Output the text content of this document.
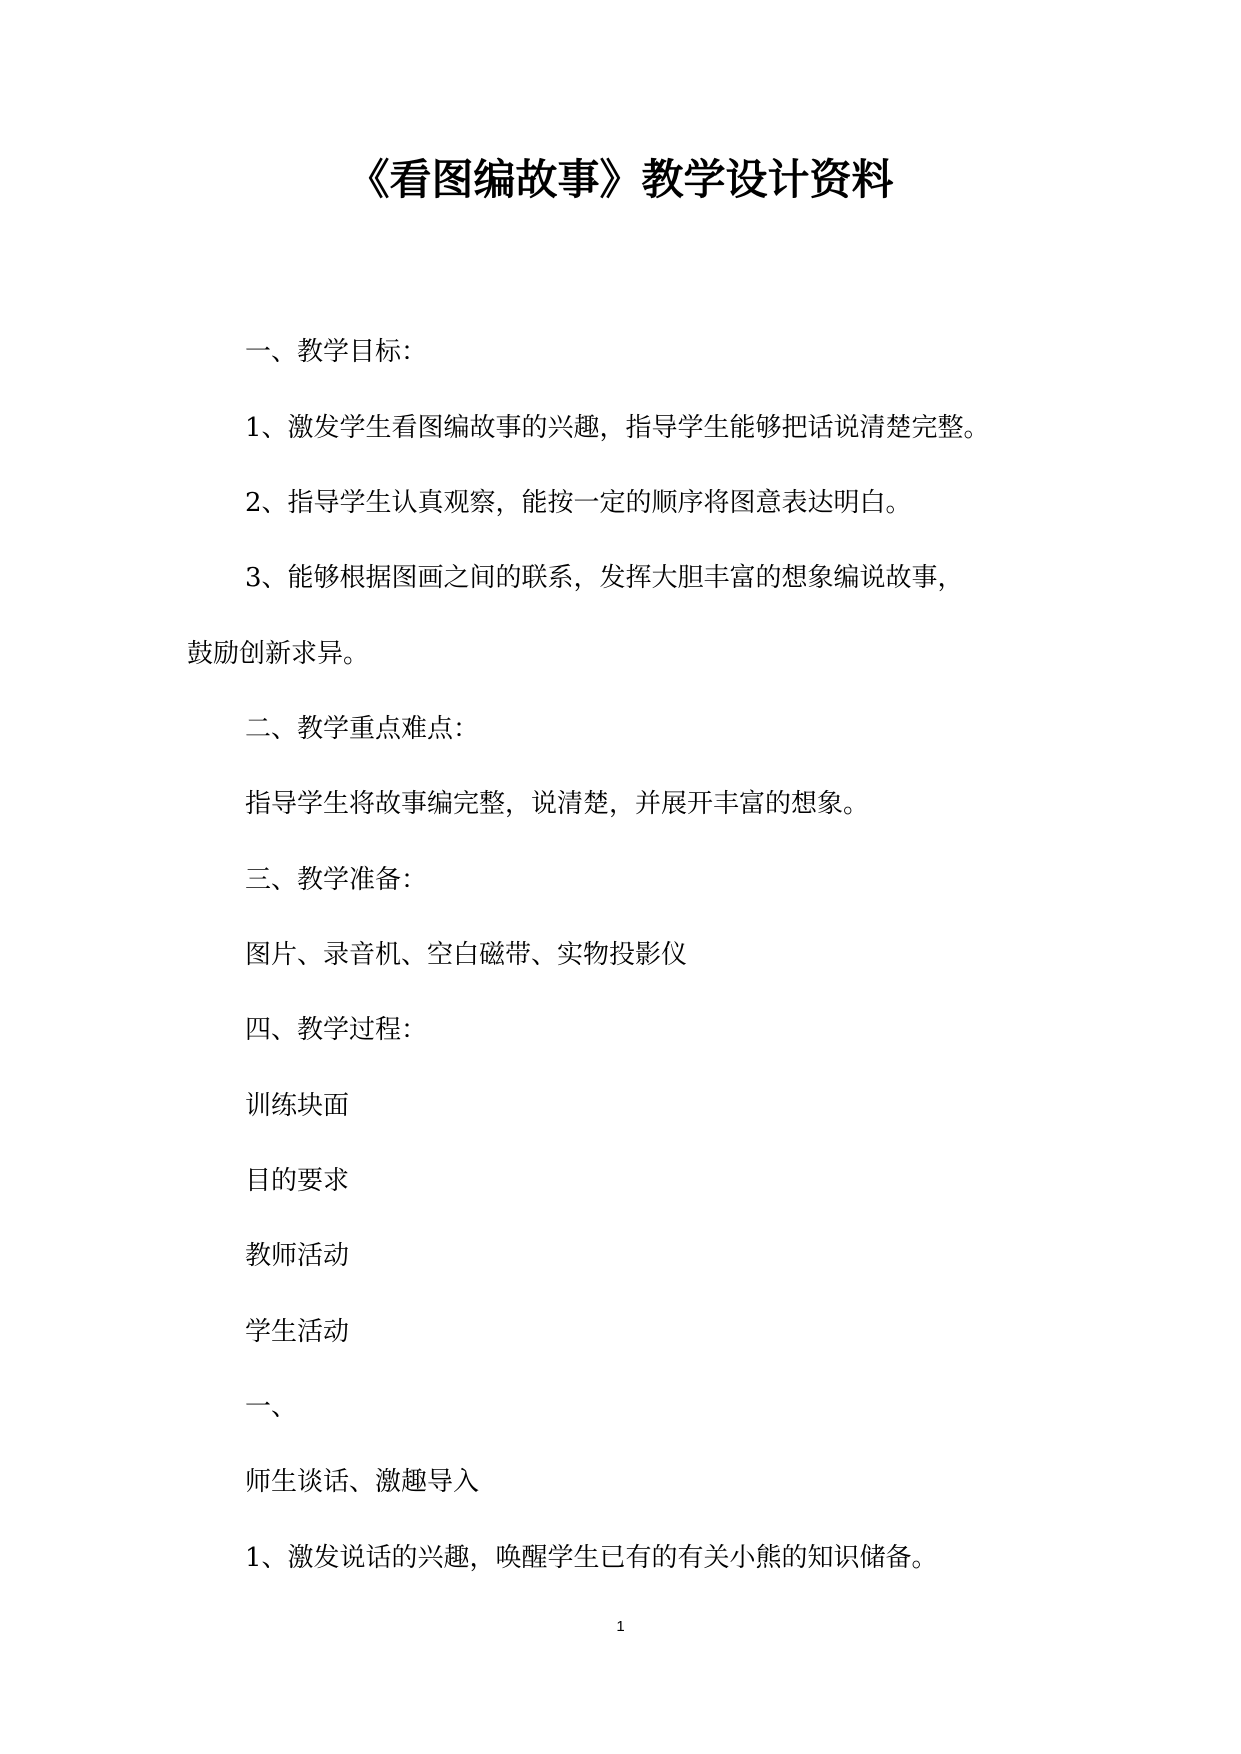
《看图编故事》教学设计资料
一、教学目标：
1、激发学生看图编故事的兴趣，指导学生能够把话说清楚完整。
2、指导学生认真观察，能按一定的顺序将图意表达明白。
3、能够根据图画之间的联系，发挥大胆丰富的想象编说故事，
鼓励创新求异。
二、教学重点难点：
指导学生将故事编完整，说清楚，并展开丰富的想象。
三、教学准备：
图片、录音机、空白磁带、实物投影仪
四、教学过程：
训练块面
目的要求
教师活动
学生活动
一、
师生谈话、激趣导入
1、激发说话的兴趣，唤醒学生已有的有关小熊的知识储备。
1
